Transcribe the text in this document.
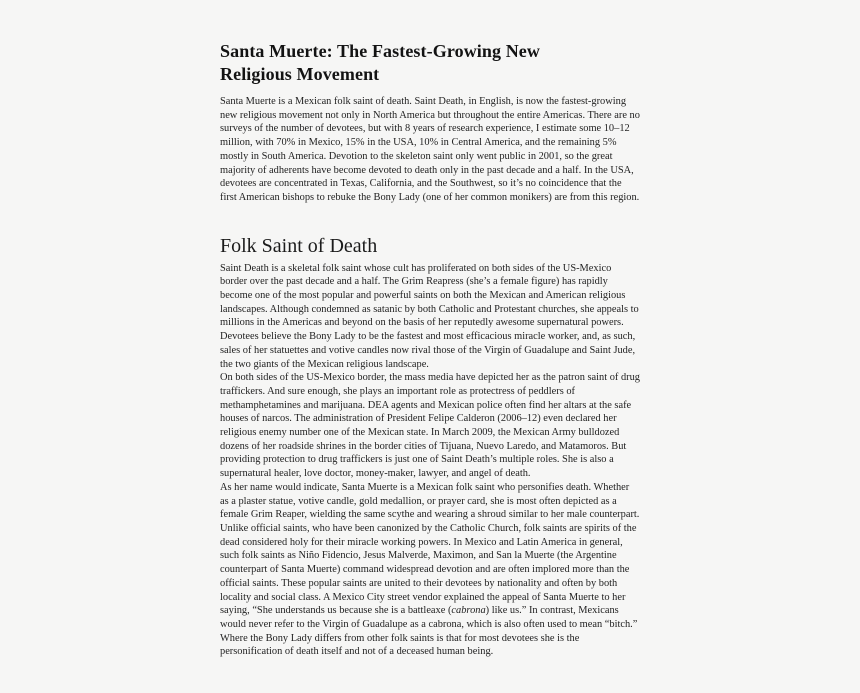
Santa Muerte: The Fastest-Growing New
Religious Movement

Santa Muerte is a Mexican folk saint of death. Saint Death, in English, is now the fastest-growing new religious movement not only in North America but throughout the entire Americas. There are no surveys of the number of devotees, but with 8 years of research experience, I estimate some 10–12 million, with 70% in Mexico, 15% in the USA, 10% in Central America, and the remaining 5% mostly in South America. Devotion to the skeleton saint only went public in 2001, so the great majority of adherents have become devoted to death only in the past decade and a half. In the USA, devotees are concentrated in Texas, California, and the Southwest, so it’s no coincidence that the first American bishops to rebuke the Bony Lady (one of her common monikers) are from this region.

Folk Saint of Death

Saint Death is a skeletal folk saint whose cult has proliferated on both sides of the US-Mexico border over the past decade and a half. The Grim Reapress (she’s a female figure) has rapidly become one of the most popular and powerful saints on both the Mexican and American religious landscapes. Although condemned as satanic by both Catholic and Protestant churches, she appeals to millions in the Americas and beyond on the basis of her reputedly awesome supernatural powers. Devotees believe the Bony Lady to be the fastest and most efficacious miracle worker, and, as such, sales of her statuettes and votive candles now rival those of the Virgin of Guadalupe and Saint Jude, the two giants of the Mexican religious landscape.

On both sides of the US-Mexico border, the mass media have depicted her as the patron saint of drug traffickers. And sure enough, she plays an important role as protectress of peddlers of methamphetamines and marijuana. DEA agents and Mexican police often find her altars at the safe houses of narcos. The administration of President Felipe Calderon (2006–12) even declared her religious enemy number one of the Mexican state. In March 2009, the Mexican Army bulldozed dozens of her roadside shrines in the border cities of Tijuana, Nuevo Laredo, and Matamoros. But providing protection to drug traffickers is just one of Saint Death’s multiple roles. She is also a supernatural healer, love doctor, money-maker, lawyer, and angel of death.

As her name would indicate, Santa Muerte is a Mexican folk saint who personifies death. Whether as a plaster statue, votive candle, gold medallion, or prayer card, she is most often depicted as a female Grim Reaper, wielding the same scythe and wearing a shroud similar to her male counterpart. Unlike official saints, who have been canonized by the Catholic Church, folk saints are spirits of the dead considered holy for their miracle working powers. In Mexico and Latin America in general, such folk saints as Niño Fidencio, Jesus Malverde, Maximon, and San la Muerte (the Argentine counterpart of Santa Muerte) command widespread devotion and are often implored more than the official saints. These popular saints are united to their devotees by nationality and often by both locality and social class. A Mexico City street vendor explained the appeal of Santa Muerte to her saying, “She understands us because she is a battleaxe (cabrona) like us.” In contrast, Mexicans would never refer to the Virgin of Guadalupe as a cabrona, which is also often used to mean “bitch.” Where the Bony Lady differs from other folk saints is that for most devotees she is the personification of death itself and not of a deceased human being.
